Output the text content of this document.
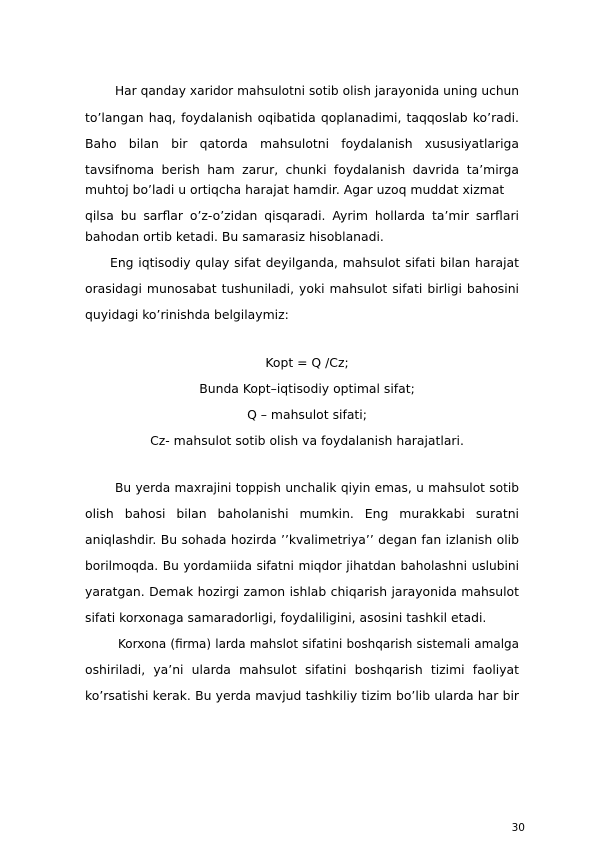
Har qanday xaridor mahsulotni sotib olish jarayonida uning uchun
to’langan haq, foydalanish oqibatida qoplanadimi, taqqoslab ko’radi.
Baho bilan bir qatorda mahsulotni foydalanish xususiyatlariga
tavsifnoma berish ham zarur, chunki foydalanish davrida ta’mirga
muhtoj bo’ladi u ortiqcha harajat hamdir. Agar uzoq muddat xizmat
qilsa bu sarflar o’z-o’zidan qisqaradi. Ayrim hollarda ta’mir sarflari
bahodan ortib ketadi. Bu samarasiz hisoblanadi.
Eng iqtisodiy qulay sifat deyilganda, mahsulot sifati bilan harajat
orasidagi munosabat tushuniladi, yoki mahsulot sifati birligi bahosini
quyidagi ko’rinishda belgilaymiz:
Kopt = Q /Cz;
Bunda Kopt–iqtisodiy optimal sifat;
Q – mahsulot sifati;
Cz- mahsulot sotib olish va foydalanish harajatlari.
Bu yerda maxrajini toppish unchalik qiyin emas, u mahsulot sotib
olish bahosi bilan baholanishi mumkin. Eng murakkabi suratni
aniqlashdir. Bu sohada hozirda ’’kvalimetriya’’ degan fan izlanish olib
borilmoqda. Bu yordamiida sifatni miqdor jihatdan baholashni uslubini
yaratgan. Demak hozirgi zamon ishlab chiqarish jarayonida mahsulot
sifati korxonaga samaradorligi, foydaliligini, asosini tashkil etadi.
Korxona (firma) larda mahslot sifatini boshqarish sistemali amalga
oshiriladi, ya’ni ularda mahsulot sifatini boshqarish tizimi faoliyat
ko’rsatishi kerak. Bu yerda mavjud tashkiliy tizim bo’lib ularda har bir
30
